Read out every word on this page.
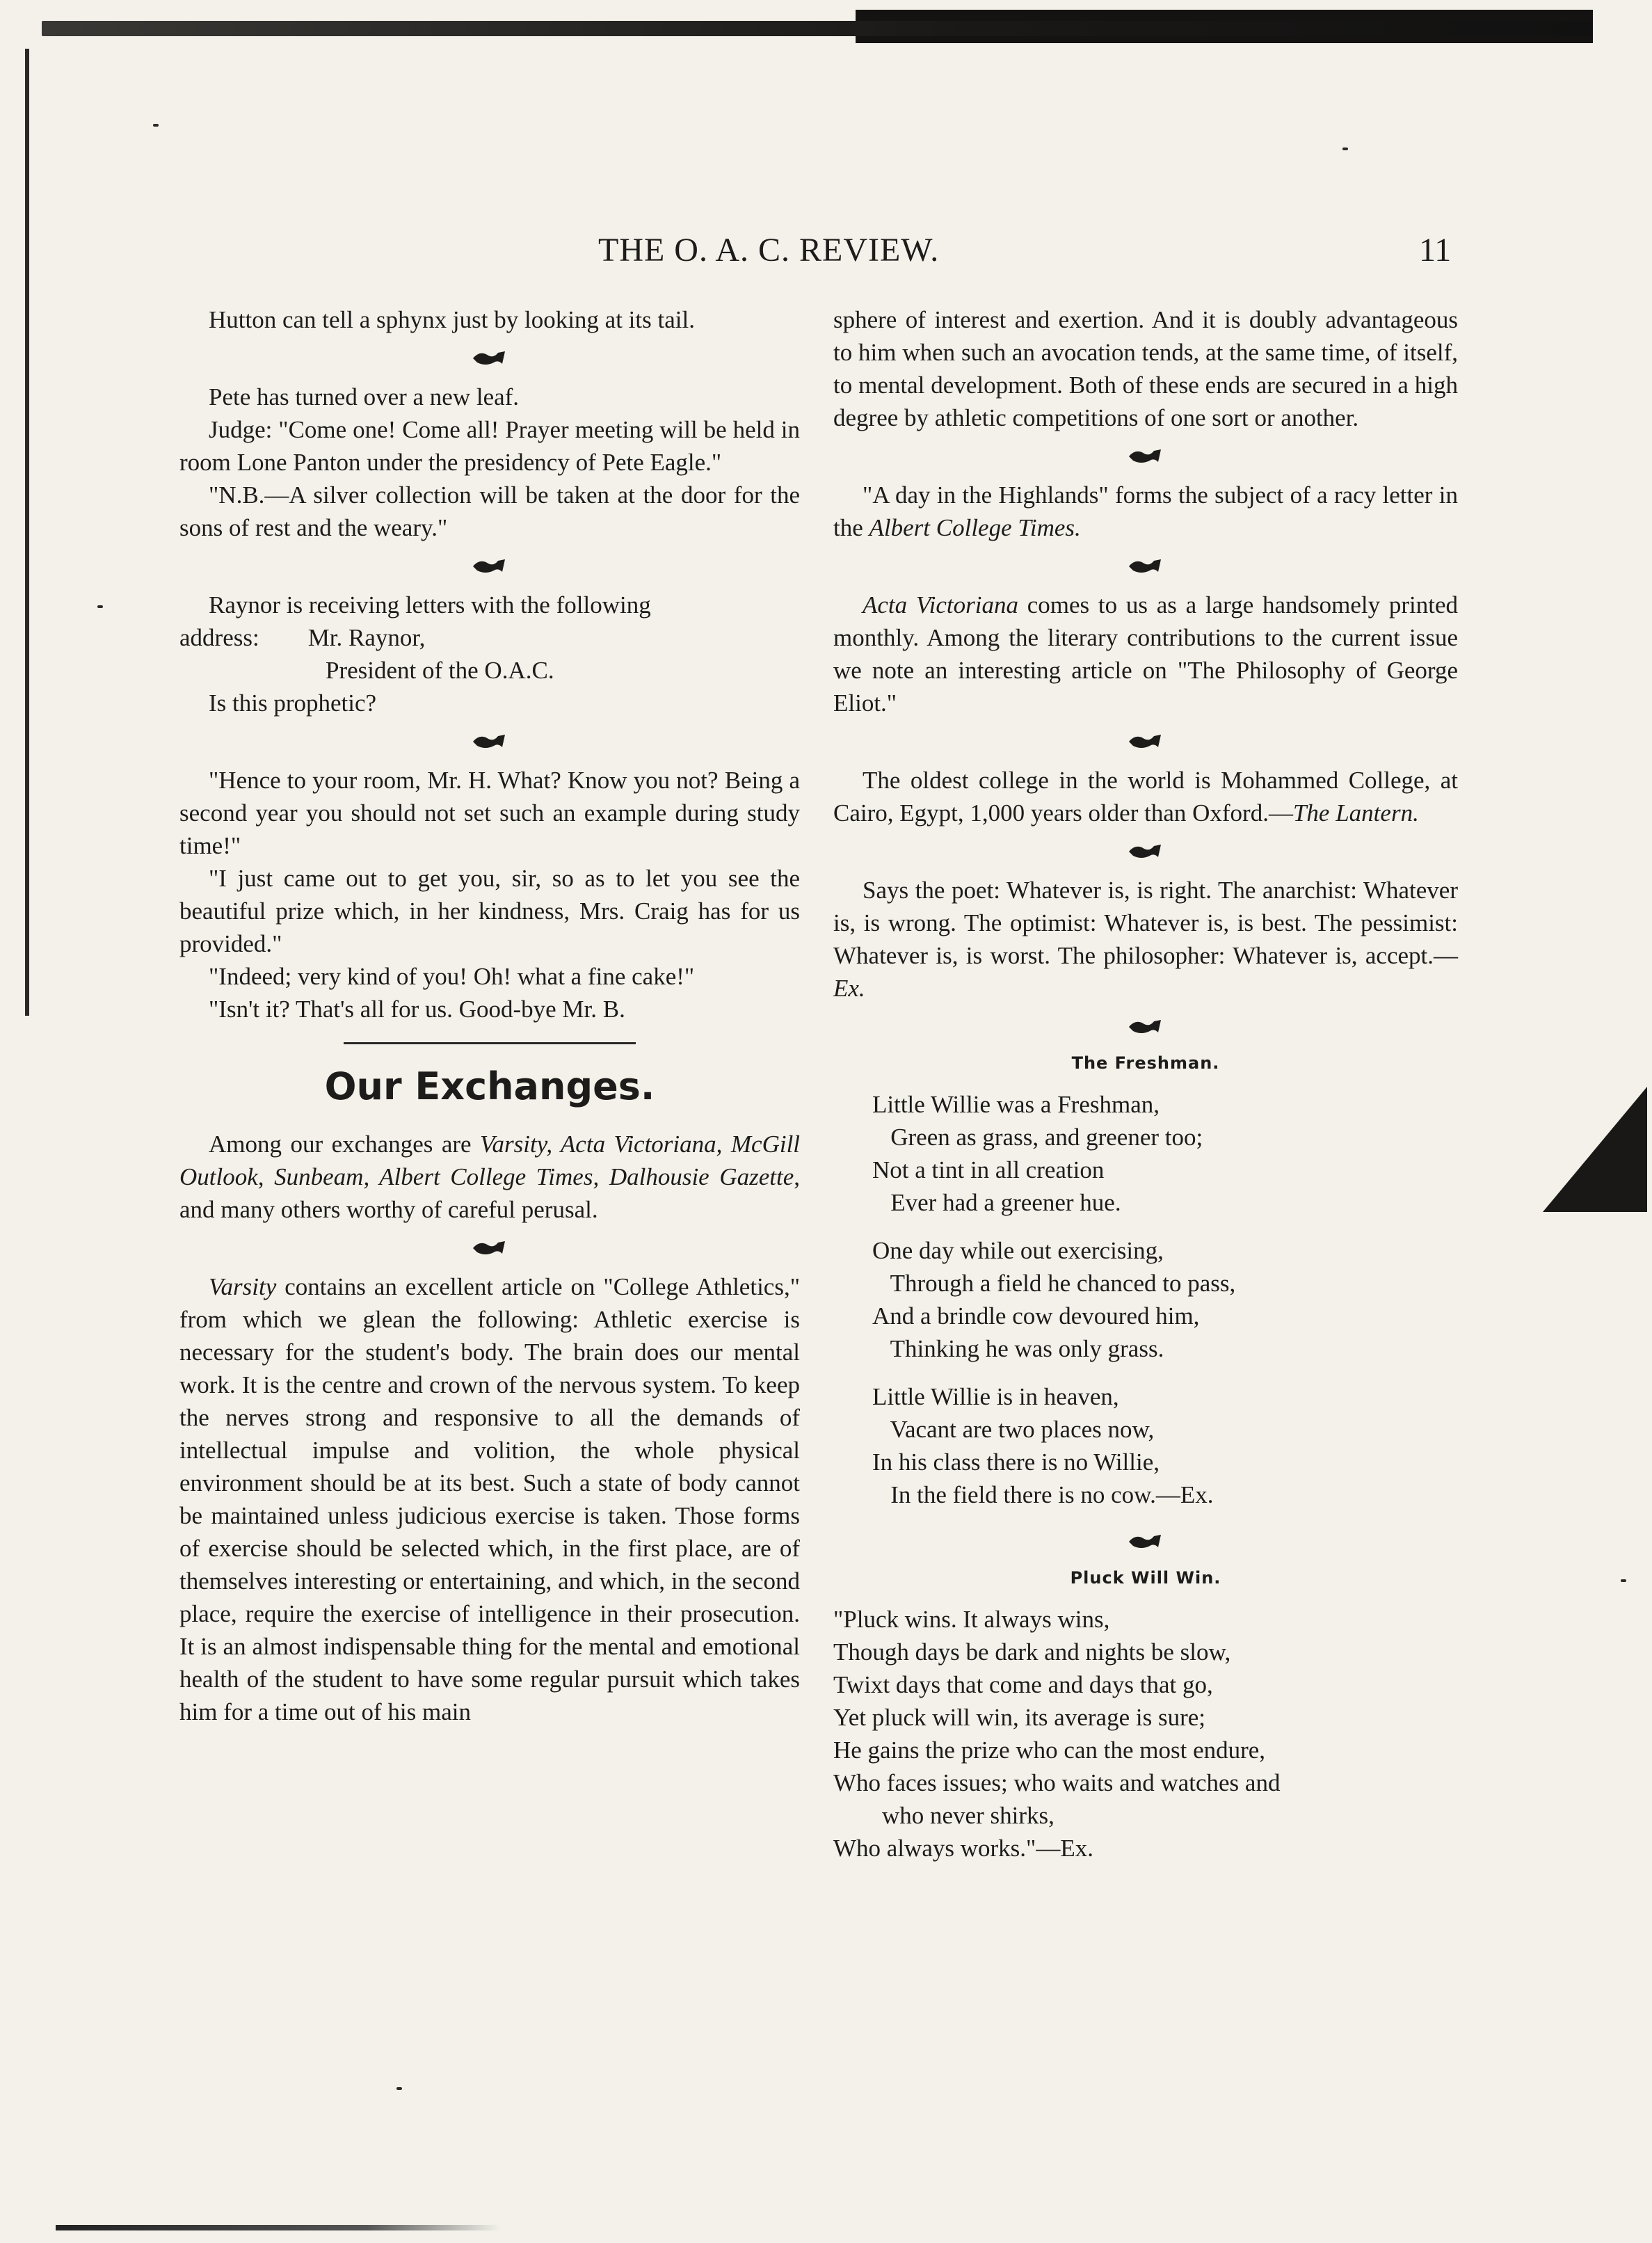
THE O. A. C. REVIEW.	11

Hutton can tell a sphynx just by looking at its tail.

Pete has turned over a new leaf.

Judge: "Come one! Come all! Prayer meeting will be held in room Lone Panton under the presidency of Pete Eagle."

"N.B.—A silver collection will be taken at the door for the sons of rest and the weary."

Raynor is receiving letters with the following
address:        Mr. Raynor,
President of the O.A.C.

Is this prophetic?

"Hence to your room, Mr. H. What? Know you not? Being a second year you should not set such an example during study time!"

"I just came out to get you, sir, so as to let you see the beautiful prize which, in her kindness, Mrs. Craig has for us provided."

"Indeed; very kind of you! Oh! what a fine cake!"

"Isn't it? That's all for us. Good-bye Mr. B.

Our Exchanges.

Among our exchanges are Varsity, Acta Victoriana, McGill Outlook, Sunbeam, Albert College Times, Dalhousie Gazette, and many others worthy of careful perusal.

Varsity contains an excellent article on "College Athletics," from which we glean the following: Athletic exercise is necessary for the student's body. The brain does our mental work. It is the centre and crown of the nervous system. To keep the nerves strong and responsive to all the demands of intellectual impulse and volition, the whole physical environment should be at its best. Such a state of body cannot be maintained unless judicious exercise is taken. Those forms of exercise should be selected which, in the first place, are of themselves interesting or entertaining, and which, in the second place, require the exercise of intelligence in their prosecution. It is an almost indispensable thing for the mental and emotional health of the student to have some regular pursuit which takes him for a time out of his main

sphere of interest and exertion. And it is doubly advantageous to him when such an avocation tends, at the same time, of itself, to mental development. Both of these ends are secured in a high degree by athletic competitions of one sort or another.

"A day in the Highlands" forms the subject of a racy letter in the Albert College Times.

Acta Victoriana comes to us as a large handsomely printed monthly. Among the literary contributions to the current issue we note an interesting article on "The Philosophy of George Eliot."

The oldest college in the world is Mohammed College, at Cairo, Egypt, 1,000 years older than Oxford.—The Lantern.

Says the poet: Whatever is, is right. The anarchist: Whatever is, is wrong. The optimist: Whatever is, is best. The pessimist: Whatever is, is worst. The philosopher: Whatever is, accept.—Ex.

The Freshman.
Little Willie was a Freshman,
Green as grass, and greener too;
Not a tint in all creation
Ever had a greener hue.
One day while out exercising,
Through a field he chanced to pass,
And a brindle cow devoured him,
Thinking he was only grass.
Little Willie is in heaven,
Vacant are two places now,
In his class there is no Willie,
In the field there is no cow.—Ex.
Pluck Will Win.
"Pluck wins. It always wins,
Though days be dark and nights be slow,
Twixt days that come and days that go,
Yet pluck will win, its average is sure;
He gains the prize who can the most endure,
Who faces issues; who waits and watches and
who never shirks,
Who always works."—Ex.
